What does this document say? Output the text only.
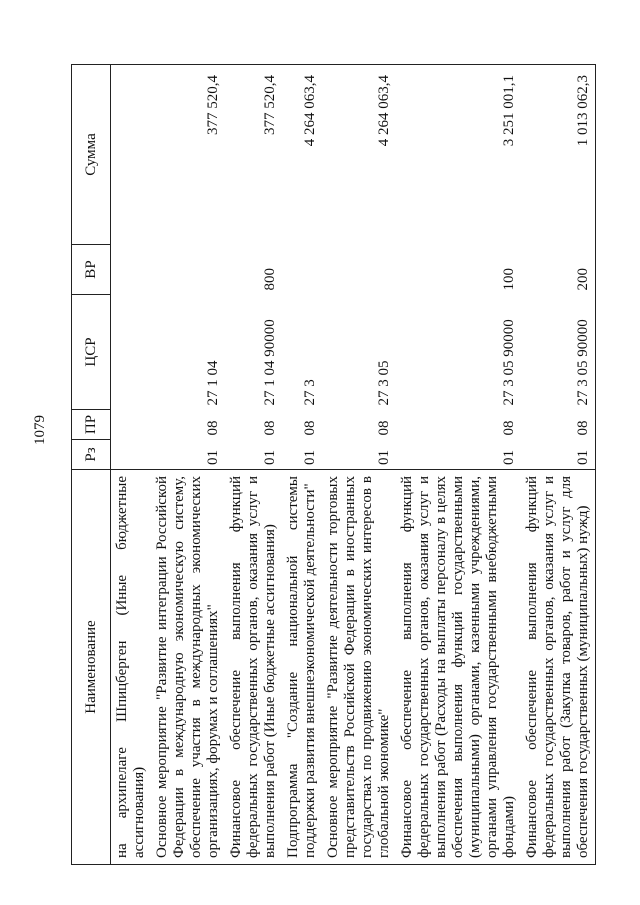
1079
Наименование	Рз	ПР	ЦСР	ВР	Сумма
на архипелаге Шпицберген (Иные бюджетные ассигнования)					
Основное мероприятие "Развитие интеграции Российской Федерации в международную экономическую систему, обеспечение участия в международных экономических организациях, форумах и соглашениях"	01	08	27 1 04		377 520,4
Финансовое обеспечение выполнения функций федеральных государственных органов, оказания услуг и выполнения работ (Иные бюджетные ассигнования)	01	08	27 1 04 90000	800	377 520,4
Подпрограмма "Создание национальной системы поддержки развития внешнеэкономической деятельности"	01	08	27 3		4 264 063,4
Основное мероприятие "Развитие деятельности торговых представительств Российской Федерации в иностранных государствах по продвижению экономических интересов в глобальной экономике"	01	08	27 3 05		4 264 063,4
Финансовое обеспечение выполнения функций федеральных государственных органов, оказания услуг и выполнения работ (Расходы на выплаты персоналу в целях обеспечения выполнения функций государственными (муниципальными) органами, казенными учреждениями, органами управления государственными внебюджетными фондами)	01	08	27 3 05 90000	100	3 251 001,1
Финансовое обеспечение выполнения функций федеральных государственных органов, оказания услуг и выполнения работ (Закупка товаров, работ и услуг для обеспечения государственных (муниципальных) нужд)	01	08	27 3 05 90000	200	1 013 062,3
